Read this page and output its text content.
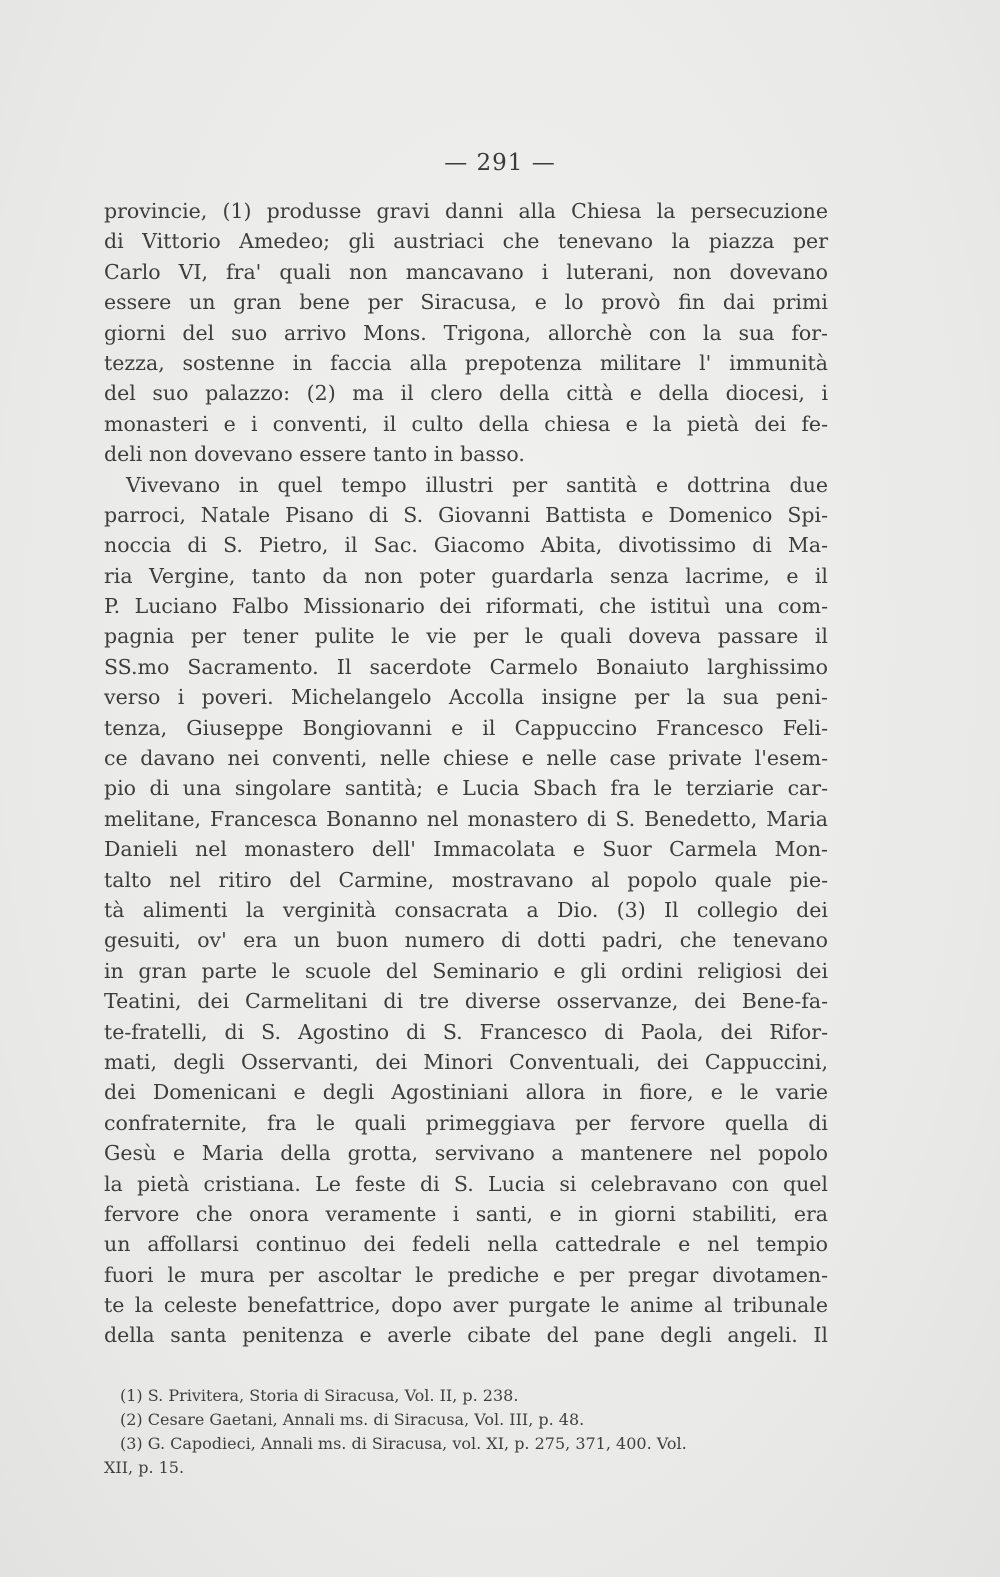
— 291 —
provincie, (1) produsse gravi danni alla Chiesa la persecuzione
di Vittorio Amedeo; gli austriaci che tenevano la piazza per
Carlo VI, fra' quali non mancavano i luterani, non dovevano
essere un gran bene per Siracusa, e lo provò fin dai primi
giorni del suo arrivo Mons. Trigona, allorchè con la sua for-
tezza, sostenne in faccia alla prepotenza militare l' immunità
del suo palazzo: (2) ma il clero della città e della diocesi, i
monasteri e i conventi, il culto della chiesa e la pietà dei fe-
deli non dovevano essere tanto in basso.
Vivevano in quel tempo illustri per santità e dottrina due
parroci, Natale Pisano di S. Giovanni Battista e Domenico Spi-
noccia di S. Pietro, il Sac. Giacomo Abita, divotissimo di Ma-
ria Vergine, tanto da non poter guardarla senza lacrime, e il
P. Luciano Falbo Missionario dei riformati, che istituì una com-
pagnia per tener pulite le vie per le quali doveva passare il
SS.mo Sacramento. Il sacerdote Carmelo Bonaiuto larghissimo
verso i poveri. Michelangelo Accolla insigne per la sua peni-
tenza, Giuseppe Bongiovanni e il Cappuccino Francesco Feli-
ce davano nei conventi, nelle chiese e nelle case private l'esem-
pio di una singolare santità; e Lucia Sbach fra le terziarie car-
melitane, Francesca Bonanno nel monastero di S. Benedetto, Maria
Danieli nel monastero dell' Immacolata e Suor Carmela Mon-
talto nel ritiro del Carmine, mostravano al popolo quale pie-
tà alimenti la verginità consacrata a Dio. (3) Il collegio dei
gesuiti, ov' era un buon numero di dotti padri, che tenevano
in gran parte le scuole del Seminario e gli ordini religiosi dei
Teatini, dei Carmelitani di tre diverse osservanze, dei Bene-fa-
te-fratelli, di S. Agostino di S. Francesco di Paola, dei Rifor-
mati, degli Osservanti, dei Minori Conventuali, dei Cappuccini,
dei Domenicani e degli Agostiniani allora in fiore, e le varie
confraternite, fra le quali primeggiava per fervore quella di
Gesù e Maria della grotta, servivano a mantenere nel popolo
la pietà cristiana. Le feste di S. Lucia si celebravano con quel
fervore che onora veramente i santi, e in giorni stabiliti, era
un affollarsi continuo dei fedeli nella cattedrale e nel tempio
fuori le mura per ascoltar le prediche e per pregar divotamen-
te la celeste benefattrice, dopo aver purgate le anime al tribunale
della santa penitenza e averle cibate del pane degli angeli. Il
(1) S. Privitera, Storia di Siracusa, Vol. II, p. 238.
(2) Cesare Gaetani, Annali ms. di Siracusa, Vol. III, p. 48.
(3) G. Capodieci, Annali ms. di Siracusa, vol. XI, p. 275, 371, 400. Vol.
XII, p. 15.
